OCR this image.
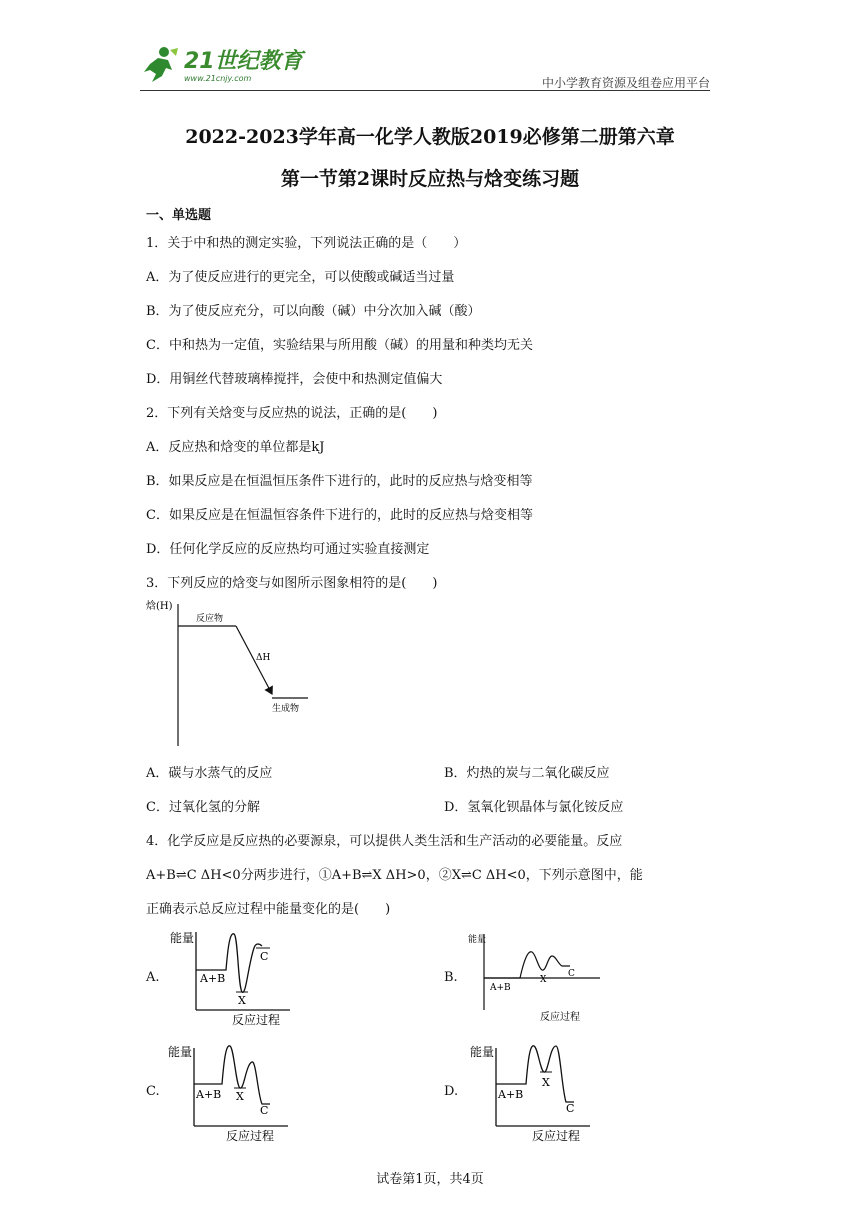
21世纪教育
www.21cnjy.com	中小学教育资源及组卷应用平台
2022-2023学年高一化学人教版2019必修第二册第六章
第一节第2课时反应热与焓变练习题
一、单选题
1．关于中和热的测定实验，下列说法正确的是（　　）
A．为了使反应进行的更完全，可以使酸或碱适当过量
B．为了使反应充分，可以向酸（碱）中分次加入碱（酸）
C．中和热为一定值，实验结果与所用酸（碱）的用量和种类均无关
D．用铜丝代替玻璃棒搅拌，会使中和热测定值偏大
2．下列有关焓变与反应热的说法，正确的是(　　)
A．反应热和焓变的单位都是kJ
B．如果反应是在恒温恒压条件下进行的，此时的反应热与焓变相等
C．如果反应是在恒温恒容条件下进行的，此时的反应热与焓变相等
D．任何化学反应的反应热均可通过实验直接测定
3．下列反应的焓变与如图所示图象相符的是(　　)
焓(H)
反应物
ΔH
生成物
A．碳与水蒸气的反应	B．灼热的炭与二氧化碳反应
C．过氧化氢的分解	D．氢氧化钡晶体与氯化铵反应
4．化学反应是反应热的必要源泉，可以提供人类生活和生产活动的必要能量。反应
A+B⇌C ΔH<0分两步进行，①A+B⇌X ΔH>0，②X⇌C ΔH<0，下列示意图中，能
正确表示总反应过程中能量变化的是(　　)
A.
能量
A+B
X
C
反应过程
B.
能量
A+B
X
C
反应过程
C.
能量
A+B X
C
反应过程
D.
能量
A+B
X
C
反应过程
试卷第1页，共4页
